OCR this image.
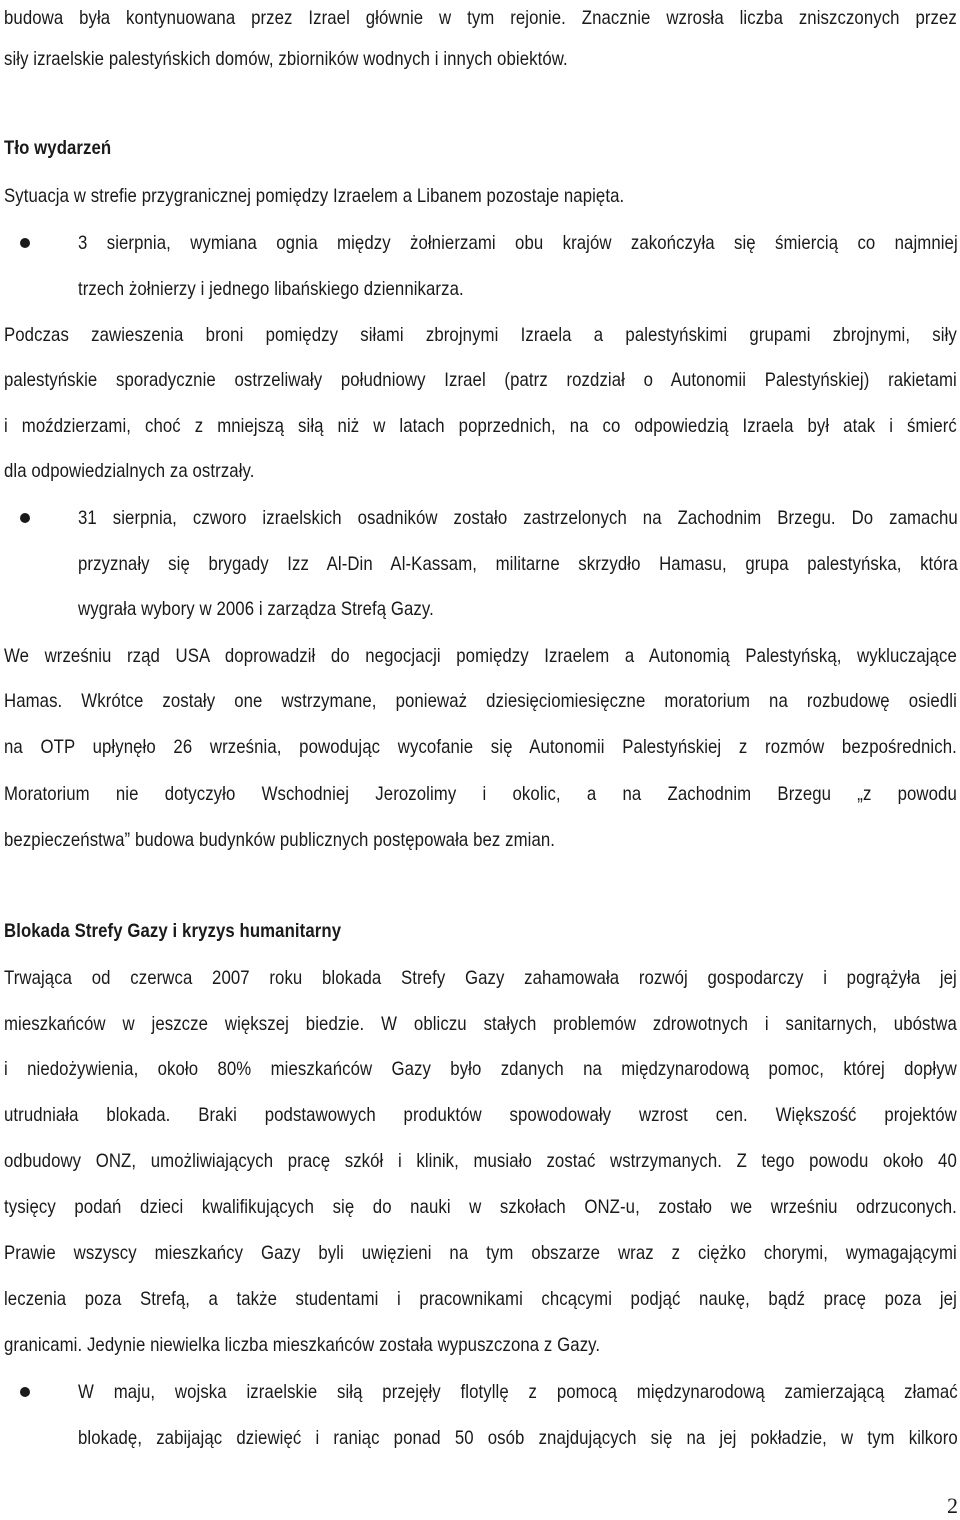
budowa była kontynuowana przez Izrael głównie w tym rejonie. Znacznie wzrosła liczba zniszczonych przez
siły izraelskie palestyńskich domów, zbiorników wodnych i innych obiektów.
Tło wydarzeń
Sytuacja w strefie przygranicznej pomiędzy Izraelem a Libanem pozostaje napięta.
3 sierpnia, wymiana ognia między żołnierzami obu krajów zakończyła się śmiercią co najmniej
trzech żołnierzy i jednego libańskiego dziennikarza.
Podczas zawieszenia broni pomiędzy siłami zbrojnymi Izraela a palestyńskimi grupami zbrojnymi, siły
palestyńskie sporadycznie ostrzeliwały południowy Izrael (patrz rozdział o Autonomii Palestyńskiej) rakietami
i moździerzami, choć z mniejszą siłą niż w latach poprzednich, na co odpowiedzią Izraela był atak i śmierć
dla odpowiedzialnych za ostrzały.
31 sierpnia, czworo izraelskich osadników zostało zastrzelonych na Zachodnim Brzegu. Do zamachu
przyznały się brygady Izz Al-Din Al-Kassam, militarne skrzydło Hamasu, grupa palestyńska, która
wygrała wybory w 2006 i zarządza Strefą Gazy.
We wrześniu rząd USA doprowadził do negocjacji pomiędzy Izraelem a Autonomią Palestyńską, wykluczające
Hamas. Wkrótce zostały one wstrzymane, ponieważ dziesięciomiesięczne moratorium na rozbudowę osiedli
na OTP upłynęło 26 września, powodując wycofanie się Autonomii Palestyńskiej z rozmów bezpośrednich.
Moratorium nie dotyczyło Wschodniej Jerozolimy i okolic, a na Zachodnim Brzegu „z powodu
bezpieczeństwa” budowa budynków publicznych postępowała bez zmian.
Blokada Strefy Gazy i kryzys humanitarny
Trwająca od czerwca 2007 roku blokada Strefy Gazy zahamowała rozwój gospodarczy i pogrążyła jej
mieszkańców w jeszcze większej biedzie. W obliczu stałych problemów zdrowotnych i sanitarnych, ubóstwa
i niedożywienia, około 80% mieszkańców Gazy było zdanych na międzynarodową pomoc, której dopływ
utrudniała blokada. Braki podstawowych produktów spowodowały wzrost cen. Większość projektów
odbudowy ONZ, umożliwiających pracę szkół i klinik, musiało zostać wstrzymanych. Z tego powodu około 40
tysięcy podań dzieci kwalifikujących się do nauki w szkołach ONZ-u, zostało we wrześniu odrzuconych.
Prawie wszyscy mieszkańcy Gazy byli uwięzieni na tym obszarze wraz z ciężko chorymi, wymagającymi
leczenia poza Strefą, a także studentami i pracownikami chcącymi podjąć naukę, bądź pracę poza jej
granicami. Jedynie niewielka liczba mieszkańców została wypuszczona z Gazy.
W maju, wojska izraelskie siłą przejęły flotyllę z pomocą międzynarodową zamierzającą złamać
blokadę, zabijając dziewięć i raniąc ponad 50 osób znajdujących się na jej pokładzie, w tym kilkoro
2
